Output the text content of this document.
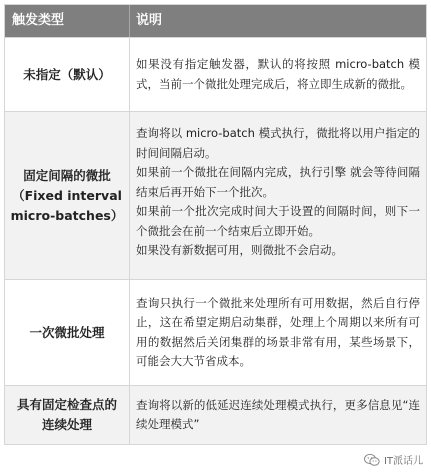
触发类型	说明
未指定（默认）

如果没有指定触发器，默认的将按照 micro-batch 模式，当前一个微批处理完成后，将立即生成新的微批。

固定间隔的微批（Fixed interval micro-batches）

查询将以 micro-batch 模式执行，微批将以用户指定的时间间隔启动。

如果前一个微批在间隔内完成，执行引擎 就会等待间隔结束后再开始下一个批次。

如果前一个批次完成时间大于设置的间隔时间，则下一个微批会在前一个结束后立即开始。

如果没有新数据可用，则微批不会启动。

一次微批处理

查询只执行一个微批来处理所有可用数据，然后自行停止，这在希望定期启动集群，处理上个周期以来所有可用的数据然后关闭集群的场景非常有用，某些场景下，可能会大大节省成本。

具有固定检查点的连续处理

查询将以新的低延迟连续处理模式执行，更多信息见“连续处理模式”

IT派话儿
